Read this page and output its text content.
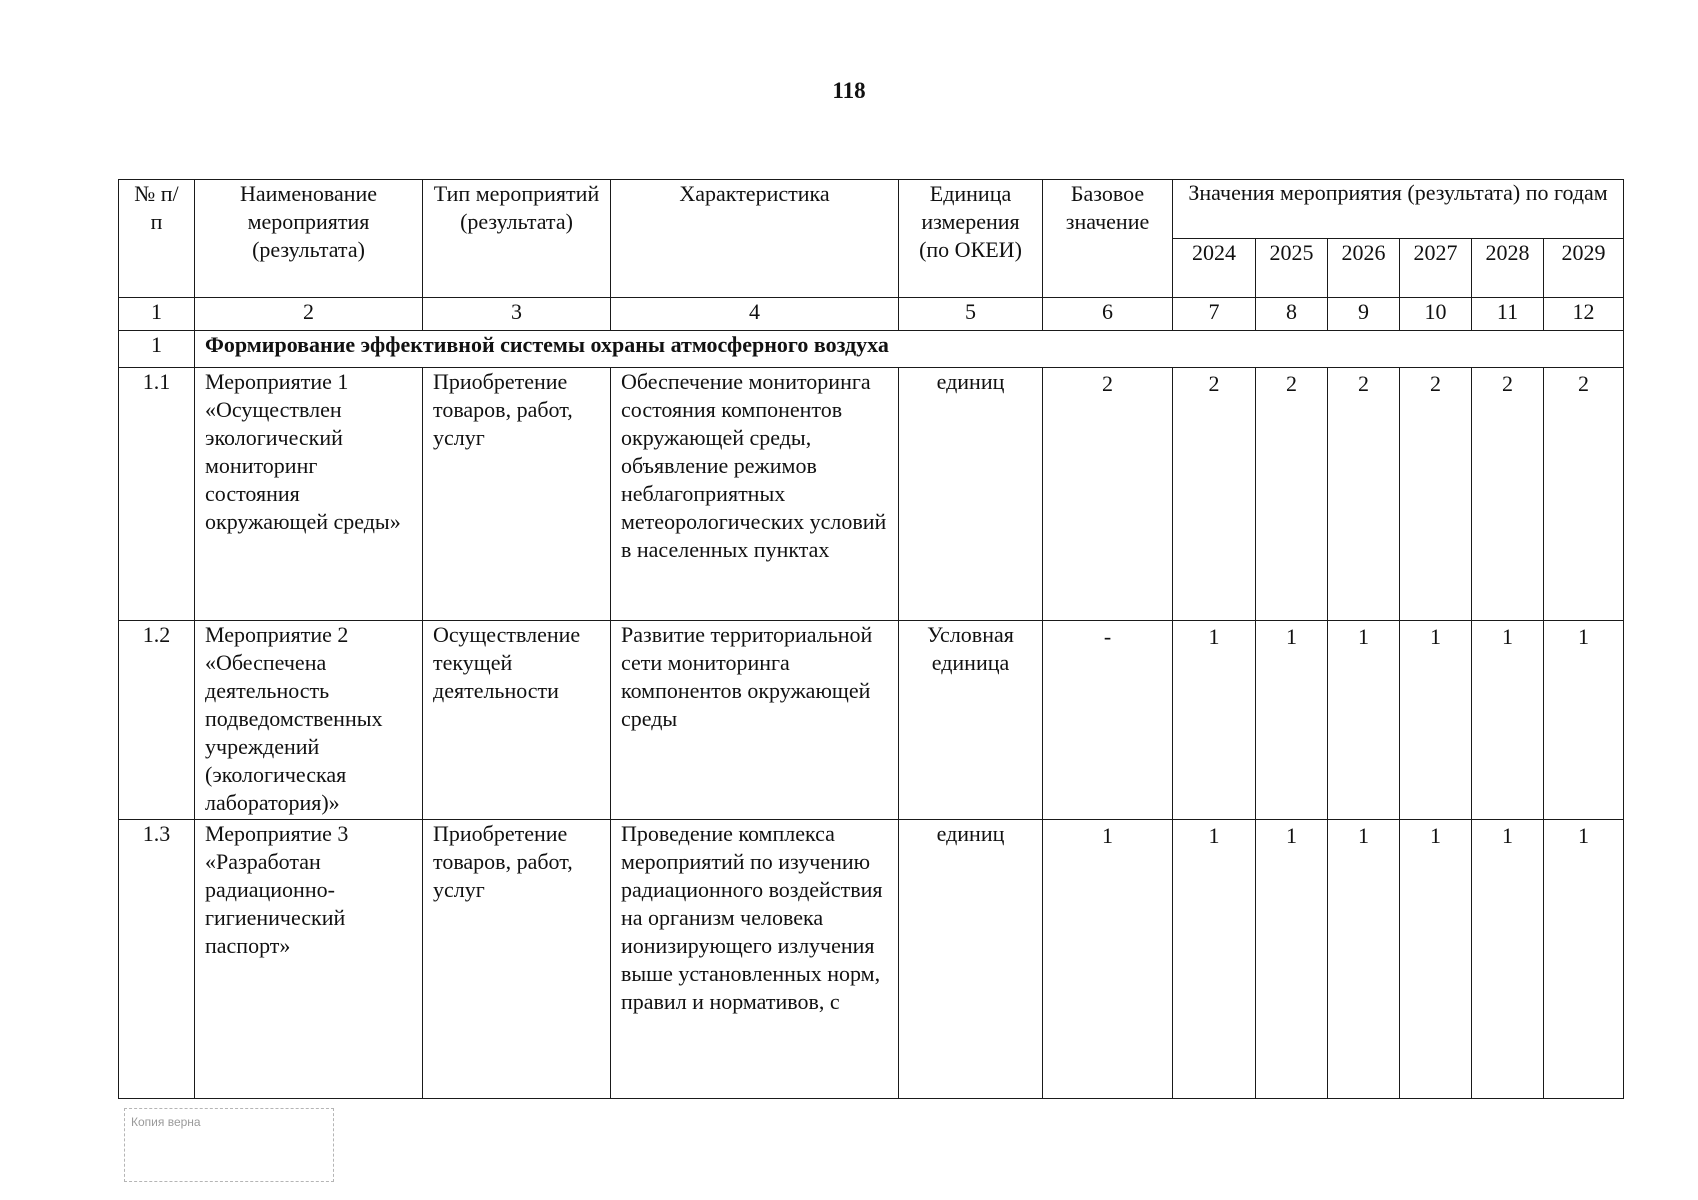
118
№ п/п	Наименование мероприятия (результата)	Тип мероприятий (результата)	Характеристика	Единица измерения (по ОКЕИ)	Базовое значение	Значения мероприятия (результата) по годам					
						2024	2025	2026	2027	2028	2029
1	2	3	4	5	6	7	8	9	10	11	12
1	Формирование эффективной системы охраны атмосферного воздуха										
1.1	Мероприятие 1 «Осуществлен экологический мониторинг состояния окружающей среды»	Приобретение товаров, работ, услуг	Обеспечение мониторинга состояния компонентов окружающей среды, объявление режимов неблагоприятных метеорологических условий в населенных пунктах	единиц	2	2	2	2	2	2	2
1.2	Мероприятие 2 «Обеспечена деятельность подведомственных учреждений (экологическая лаборатория)»	Осуществление текущей деятельности	Развитие территориальной сети мониторинга компонентов окружающей среды	Условная единица	-	1	1	1	1	1	1
1.3	Мероприятие 3 «Разработан радиационно-гигиенический паспорт»	Приобретение товаров, работ, услуг	Проведение комплекса мероприятий по изучению радиационного воздействия на организм человека ионизирующего излучения выше установленных норм, правил и нормативов, с	единиц	1	1	1	1	1	1	1
Копия верна
